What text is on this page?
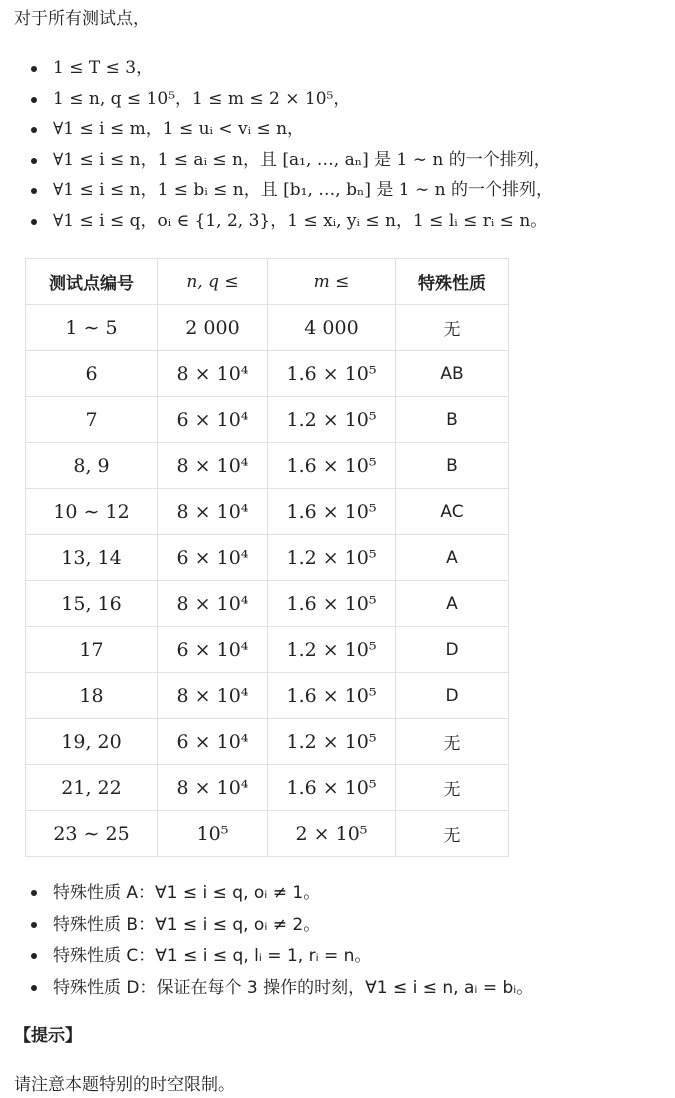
对于所有测试点，
1 ≤ T ≤ 3，
1 ≤ n, q ≤ 10⁵，1 ≤ m ≤ 2 × 10⁵，
∀1 ≤ i ≤ m，1 ≤ uᵢ < vᵢ ≤ n，
∀1 ≤ i ≤ n，1 ≤ aᵢ ≤ n，且 [a₁, …, aₙ] 是 1 ∼ n 的一个排列，
∀1 ≤ i ≤ n，1 ≤ bᵢ ≤ n，且 [b₁, …, bₙ] 是 1 ∼ n 的一个排列，
∀1 ≤ i ≤ q，oᵢ ∈ {1, 2, 3}，1 ≤ xᵢ, yᵢ ≤ n，1 ≤ lᵢ ≤ rᵢ ≤ n。
测试点编号	n, q ≤	m ≤	特殊性质
1 ∼ 5	2 000	4 000	无
6	8 × 10⁴	1.6 × 10⁵	AB
7	6 × 10⁴	1.2 × 10⁵	B
8, 9	8 × 10⁴	1.6 × 10⁵	B
10 ∼ 12	8 × 10⁴	1.6 × 10⁵	AC
13, 14	6 × 10⁴	1.2 × 10⁵	A
15, 16	8 × 10⁴	1.6 × 10⁵	A
17	6 × 10⁴	1.2 × 10⁵	D
18	8 × 10⁴	1.6 × 10⁵	D
19, 20	6 × 10⁴	1.2 × 10⁵	无
21, 22	8 × 10⁴	1.6 × 10⁵	无
23 ∼ 25	10⁵	2 × 10⁵	无
特殊性质 A：∀1 ≤ i ≤ q, oᵢ ≠ 1。
特殊性质 B：∀1 ≤ i ≤ q, oᵢ ≠ 2。
特殊性质 C：∀1 ≤ i ≤ q, lᵢ = 1, rᵢ = n。
特殊性质 D：保证在每个 3 操作的时刻，∀1 ≤ i ≤ n, aᵢ = bᵢ。
【提示】
请注意本题特别的时空限制。
